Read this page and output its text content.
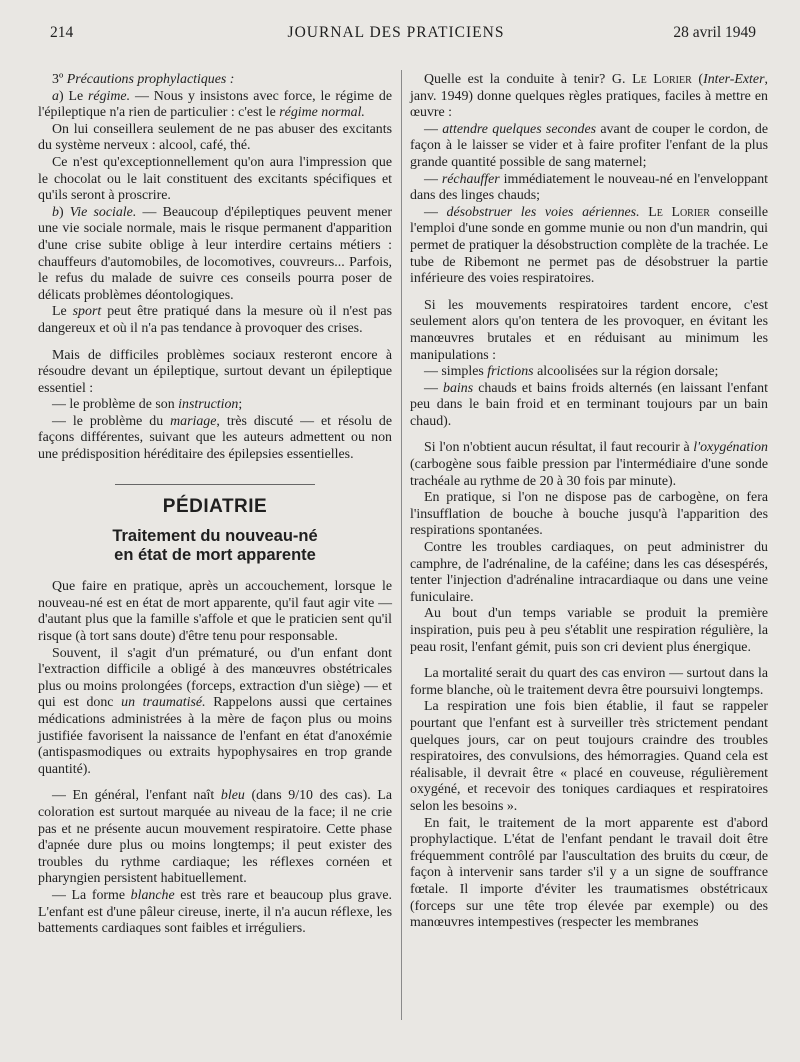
214	JOURNAL DES PRATICIENS	28 avril 1949

3º Précautions prophylactiques :

a) Le régime. — Nous y insistons avec force, le régime de l'épileptique n'a rien de particulier : c'est le régime normal.

On lui conseillera seulement de ne pas abuser des excitants du système nerveux : alcool, café, thé.

Ce n'est qu'exceptionnellement qu'on aura l'impression que le chocolat ou le lait constituent des excitants spécifiques et qu'ils seront à proscrire.

b) Vie sociale. — Beaucoup d'épileptiques peuvent mener une vie sociale normale, mais le risque permanent d'apparition d'une crise subite oblige à leur interdire certains métiers : chauffeurs d'automobiles, de locomotives, couvreurs... Parfois, le refus du malade de suivre ces conseils pourra poser de délicats problèmes déontologiques.

Le sport peut être pratiqué dans la mesure où il n'est pas dangereux et où il n'a pas tendance à provoquer des crises.

Mais de difficiles problèmes sociaux resteront encore à résoudre devant un épileptique, surtout devant un épileptique essentiel :

— le problème de son instruction;

— le problème du mariage, très discuté — et résolu de façons différentes, suivant que les auteurs admettent ou non une prédisposition héréditaire des épilepsies essentielles.

PÉDIATRIE
Traitement du nouveau-né
en état de mort apparente

Que faire en pratique, après un accouchement, lorsque le nouveau-né est en état de mort apparente, qu'il faut agir vite — d'autant plus que la famille s'affole et que le praticien sent qu'il risque (à tort sans doute) d'être tenu pour responsable.

Souvent, il s'agit d'un prématuré, ou d'un enfant dont l'extraction difficile a obligé à des manœuvres obstétricales plus ou moins prolongées (forceps, extraction d'un siège) — et qui est donc un traumatisé. Rappelons aussi que certaines médications administrées à la mère de façon plus ou moins justifiée favorisent la naissance de l'enfant en état d'anoxémie (antispasmodiques ou extraits hypophysaires en trop grande quantité).

— En général, l'enfant naît bleu (dans 9/10 des cas). La coloration est surtout marquée au niveau de la face; il ne crie pas et ne présente aucun mouvement respiratoire. Cette phase d'apnée dure plus ou moins longtemps; il peut exister des troubles du rythme cardiaque; les réflexes cornéen et pharyngien persistent habituellement.

— La forme blanche est très rare et beaucoup plus grave. L'enfant est d'une pâleur cireuse, inerte, il n'a aucun réflexe, les battements cardiaques sont faibles et irréguliers.

Quelle est la conduite à tenir? G. Le Lorier (Inter-Exter, janv. 1949) donne quelques règles pratiques, faciles à mettre en œuvre :

— attendre quelques secondes avant de couper le cordon, de façon à le laisser se vider et à faire profiter l'enfant de la plus grande quantité possible de sang maternel;

— réchauffer immédiatement le nouveau-né en l'enveloppant dans des linges chauds;

— désobstruer les voies aériennes. Le Lorier conseille l'emploi d'une sonde en gomme munie ou non d'un mandrin, qui permet de pratiquer la désobstruction complète de la trachée. Le tube de Ribemont ne permet pas de désobstruer la partie inférieure des voies respiratoires.

Si les mouvements respiratoires tardent encore, c'est seulement alors qu'on tentera de les provoquer, en évitant les manœuvres brutales et en réduisant au minimum les manipulations :

— simples frictions alcoolisées sur la région dorsale;

— bains chauds et bains froids alternés (en laissant l'enfant peu dans le bain froid et en terminant toujours par un bain chaud).

Si l'on n'obtient aucun résultat, il faut recourir à l'oxygénation (carbogène sous faible pression par l'intermédiaire d'une sonde trachéale au rythme de 20 à 30 fois par minute).

En pratique, si l'on ne dispose pas de carbogène, on fera l'insufflation de bouche à bouche jusqu'à l'apparition des respirations spontanées.

Contre les troubles cardiaques, on peut administrer du camphre, de l'adrénaline, de la caféine; dans les cas désespérés, tenter l'injection d'adrénaline intracardiaque ou dans une veine funiculaire.

Au bout d'un temps variable se produit la première inspiration, puis peu à peu s'établit une respiration régulière, la peau rosit, l'enfant gémit, puis son cri devient plus énergique.

La mortalité serait du quart des cas environ — surtout dans la forme blanche, où le traitement devra être poursuivi longtemps.

La respiration une fois bien établie, il faut se rappeler pourtant que l'enfant est à surveiller très strictement pendant quelques jours, car on peut toujours craindre des troubles respiratoires, des convulsions, des hémorragies. Quand cela est réalisable, il devrait être « placé en couveuse, régulièrement oxygéné, et recevoir des toniques cardiaques et respiratoires selon les besoins ».

En fait, le traitement de la mort apparente est d'abord prophylactique. L'état de l'enfant pendant le travail doit être fréquemment contrôlé par l'auscultation des bruits du cœur, de façon à intervenir sans tarder s'il y a un signe de souffrance fœtale. Il importe d'éviter les traumatismes obstétricaux (forceps sur une tête trop élevée par exemple) ou des manœuvres intempestives (respecter les membranes
